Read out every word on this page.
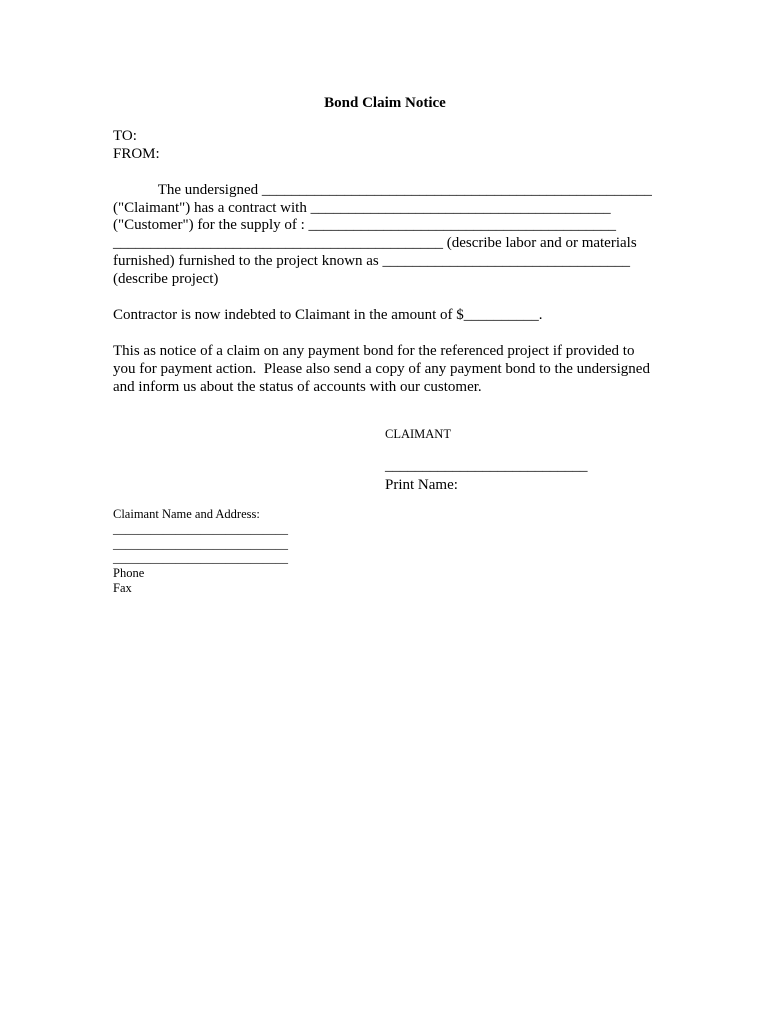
Bond Claim Notice
TO:
FROM:
The undersigned ____________________________________________________
("Claimant") has a contract with ________________________________________
("Customer") for the supply of : _________________________________________
____________________________________________ (describe labor and or materials
furnished) furnished to the project known as _________________________________
(describe project)
Contractor is now indebted to Claimant in the amount of $__________.
This as notice of a claim on any payment bond for the referenced project if provided to
you for payment action.  Please also send a copy of any payment bond to the undersigned
and inform us about the status of accounts with our customer.
CLAIMANT
___________________________
Print Name:
Claimant Name and Address:
____________________________
____________________________
____________________________
Phone
Fax
